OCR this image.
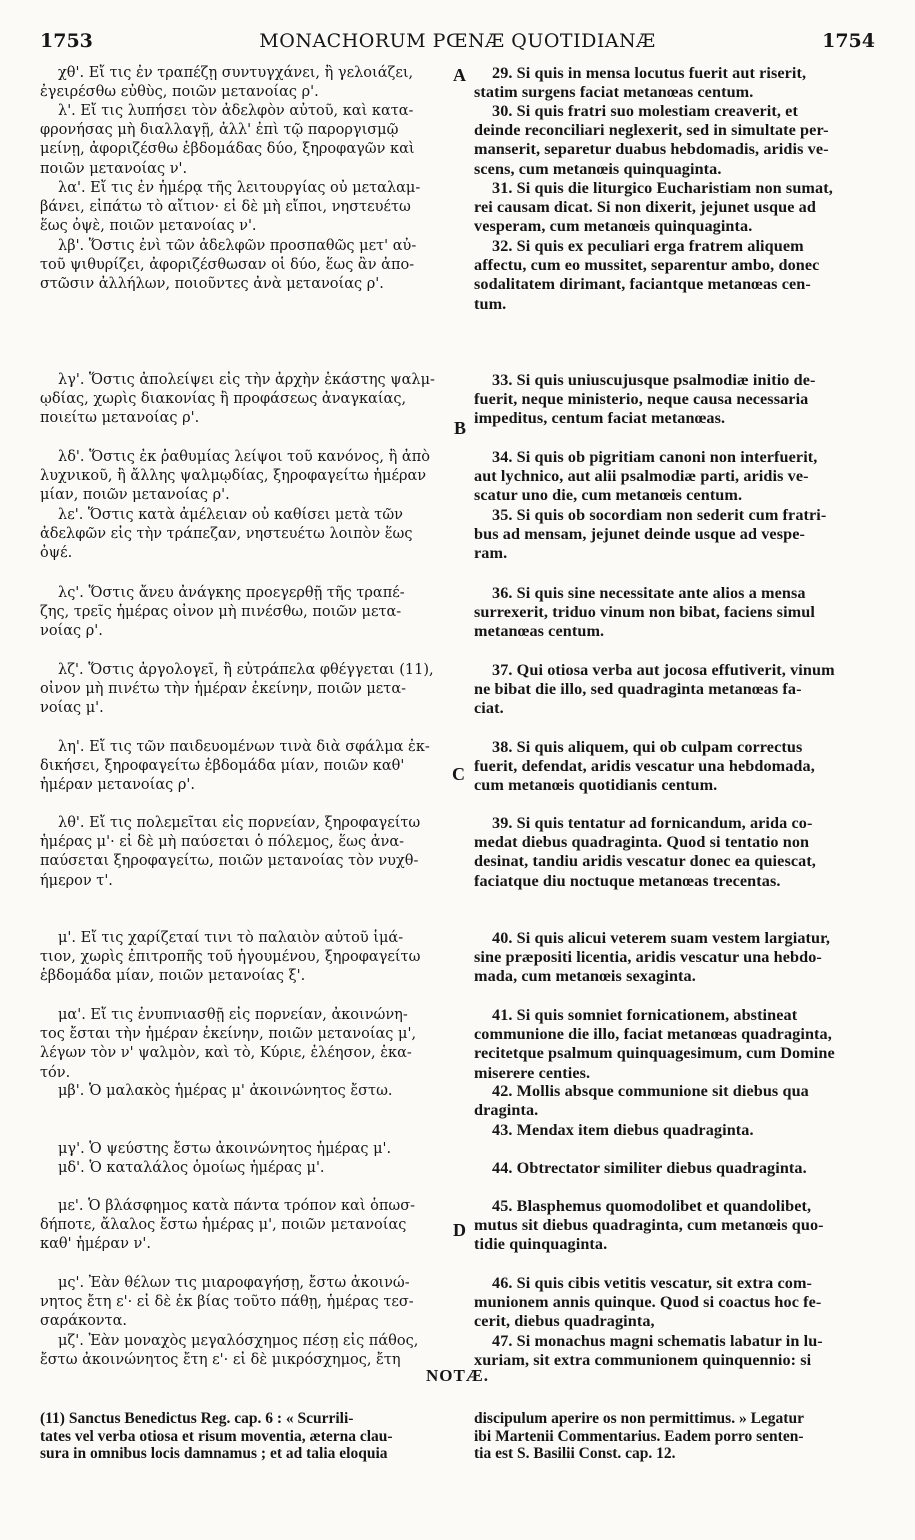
1753	MONACHORUM PŒNÆ QUOTIDIANÆ	1754
χθ'. Εἴ τις ἐν τραπέζῃ συντυγχάνει, ἢ γελοιάζει,
ἐγειρέσθω εὐθὺς, ποιῶν μετανοίας ρ'.
λ'. Εἴ τις λυπήσει τὸν ἀδελφὸν αὐτοῦ, καὶ κατα-
φρονήσας μὴ διαλλαγῇ, ἀλλ' ἐπὶ τῷ παροργισμῷ
μείνῃ, ἀφοριζέσθω ἑβδομάδας δύο, ξηροφαγῶν καὶ
ποιῶν μετανοίας ν'.
λα'. Εἴ τις ἐν ἡμέρᾳ τῆς λειτουργίας οὐ μεταλαμ-
βάνει, εἰπάτω τὸ αἴτιον· εἰ δὲ μὴ εἴποι, νηστευέτω
ἕως ὀψὲ, ποιῶν μετανοίας ν'.
λβ'. Ὅστις ἐνὶ τῶν ἀδελφῶν προσπαθῶς μετ' αὐ-
τοῦ ψιθυρίζει, ἀφοριζέσθωσαν οἱ δύο, ἕως ἂν ἀπο-
στῶσιν ἀλλήλων, ποιοῦντες ἀνὰ μετανοίας ρ'.
λγ'. Ὅστις ἀπολείψει εἰς τὴν ἀρχὴν ἑκάστης ψαλμ-
ῳδίας, χωρὶς διακονίας ἢ προφάσεως ἀναγκαίας,
ποιείτω μετανοίας ρ'.
λδ'. Ὅστις ἐκ ῥαθυμίας λείψοι τοῦ κανόνος, ἢ ἀπὸ
λυχνικοῦ, ἢ ἄλλης ψαλμῳδίας, ξηροφαγείτω ἡμέραν
μίαν, ποιῶν μετανοίας ρ'.
λε'. Ὅστις κατὰ ἀμέλειαν οὐ καθίσει μετὰ τῶν
ἀδελφῶν εἰς τὴν τράπεζαν, νηστευέτω λοιπὸν ἕως
ὀψέ.
λς'. Ὅστις ἄνευ ἀνάγκης προεγερθῇ τῆς τραπέ-
ζης, τρεῖς ἡμέρας οἶνον μὴ πινέσθω, ποιῶν μετα-
νοίας ρ'.
λζ'. Ὅστις ἀργολογεῖ, ἢ εὐτράπελα φθέγγεται (11),
οἶνον μὴ πινέτω τὴν ἡμέραν ἐκείνην, ποιῶν μετα-
νοίας μ'.
λη'. Εἴ τις τῶν παιδευομένων τινὰ διὰ σφάλμα ἐκ-
δικήσει, ξηροφαγείτω ἑβδομάδα μίαν, ποιῶν καθ'
ἡμέραν μετανοίας ρ'.
λθ'. Εἴ τις πολεμεῖται εἰς πορνείαν, ξηροφαγείτω
ἡμέρας μ'· εἰ δὲ μὴ παύσεται ὁ πόλεμος, ἕως ἀνα-
παύσεται ξηροφαγείτω, ποιῶν μετανοίας τὸν νυχθ-
ήμερον τ'.
μ'. Εἴ τις χαρίζεταί τινι τὸ παλαιὸν αὐτοῦ ἱμά-
τιον, χωρὶς ἐπιτροπῆς τοῦ ἡγουμένου, ξηροφαγείτω
ἑβδομάδα μίαν, ποιῶν μετανοίας ξ'.
μα'. Εἴ τις ἐνυπνιασθῇ εἰς πορνείαν, ἀκοινώνη-
τος ἔσται τὴν ἡμέραν ἐκείνην, ποιῶν μετανοίας μ',
λέγων τὸν ν' ψαλμὸν, καὶ τὸ, Κύριε, ἐλέησον, ἑκα-
τόν.
μβ'. Ὁ μαλακὸς ἡμέρας μ' ἀκοινώνητος ἔστω.
μγ'. Ὁ ψεύστης ἔστω ἀκοινώνητος ἡμέρας μ'.
μδ'. Ὁ καταλάλος ὁμοίως ἡμέρας μ'.
με'. Ὁ βλάσφημος κατὰ πάντα τρόπον καὶ ὁπωσ-
δήποτε, ἄλαλος ἔστω ἡμέρας μ', ποιῶν μετανοίας
καθ' ἡμέραν ν'.
μς'. Ἐὰν θέλων τις μιαροφαγήσῃ, ἔστω ἀκοινώ-
νητος ἔτη ε'· εἰ δὲ ἐκ βίας τοῦτο πάθῃ, ἡμέρας τεσ-
σαράκοντα.
μζ'. Ἐὰν μοναχὸς μεγαλόσχημος πέσῃ εἰς πάθος,
ἔστω ἀκοινώνητος ἔτη ε'· εἰ δὲ μικρόσχημος, ἔτη
29. Si quis in mensa locutus fuerit aut riserit,
statim surgens faciat metanœas centum.
30. Si quis fratri suo molestiam creaverit, et
deinde reconciliari neglexerit, sed in simultate per-
manserit, separetur duabus hebdomadis, aridis ve-
scens, cum metanœis quinquaginta.
31. Si quis die liturgico Eucharistiam non sumat,
rei causam dicat. Si non dixerit, jejunet usque ad
vesperam, cum metanœis quinquaginta.
32. Si quis ex peculiari erga fratrem aliquem
affectu, cum eo mussitet, separentur ambo, donec
sodalitatem dirimant, faciantque metanœas cen-
tum.
33. Si quis uniuscujusque psalmodiæ initio de-
fuerit, neque ministerio, neque causa necessaria
impeditus, centum faciat metanœas.
34. Si quis ob pigritiam canoni non interfuerit,
aut lychnico, aut alii psalmodiæ parti, aridis ve-
scatur uno die, cum metanœis centum.
35. Si quis ob socordiam non sederit cum fratri-
bus ad mensam, jejunet deinde usque ad vespe-
ram.
36. Si quis sine necessitate ante alios a mensa
surrexerit, triduo vinum non bibat, faciens simul
metanœas centum.
37. Qui otiosa verba aut jocosa effutiverit, vinum
ne bibat die illo, sed quadraginta metanœas fa-
ciat.
38. Si quis aliquem, qui ob culpam correctus
fuerit, defendat, aridis vescatur una hebdomada,
cum metanœis quotidianis centum.
39. Si quis tentatur ad fornicandum, arida co-
medat diebus quadraginta. Quod si tentatio non
desinat, tandiu aridis vescatur donec ea quiescat,
faciatque diu noctuque metanœas trecentas.
40. Si quis alicui veterem suam vestem largiatur,
sine præpositi licentia, aridis vescatur una hebdo-
mada, cum metanœis sexaginta.
41. Si quis somniet fornicationem, abstineat
communione die illo, faciat metanœas quadraginta,
recitetque psalmum quinquagesimum, cum Domine
miserere centies.
42. Mollis absque communione sit diebus qua
draginta.
43. Mendax item diebus quadraginta.
44. Obtrectator similiter diebus quadraginta.
45. Blasphemus quomodolibet et quandolibet,
mutus sit diebus quadraginta, cum metanœis quo-
tidie quinquaginta.
46. Si quis cibis vetitis vescatur, sit extra com-
munionem annis quinque. Quod si coactus hoc fe-
cerit, diebus quadraginta,
47. Si monachus magni schematis labatur in lu-
xuriam, sit extra communionem quinquennio: si
A
B
C
D
NOTÆ.
(11) Sanctus Benedictus Reg. cap. 6 : « Scurrili-
tates vel verba otiosa et risum moventia, æterna clau-
sura in omnibus locis damnamus ; et ad talia eloquia
discipulum aperire os non permittimus. » Legatur
ibi Martenii Commentarius. Eadem porro senten-
tia est S. Basilii Const. cap. 12.
